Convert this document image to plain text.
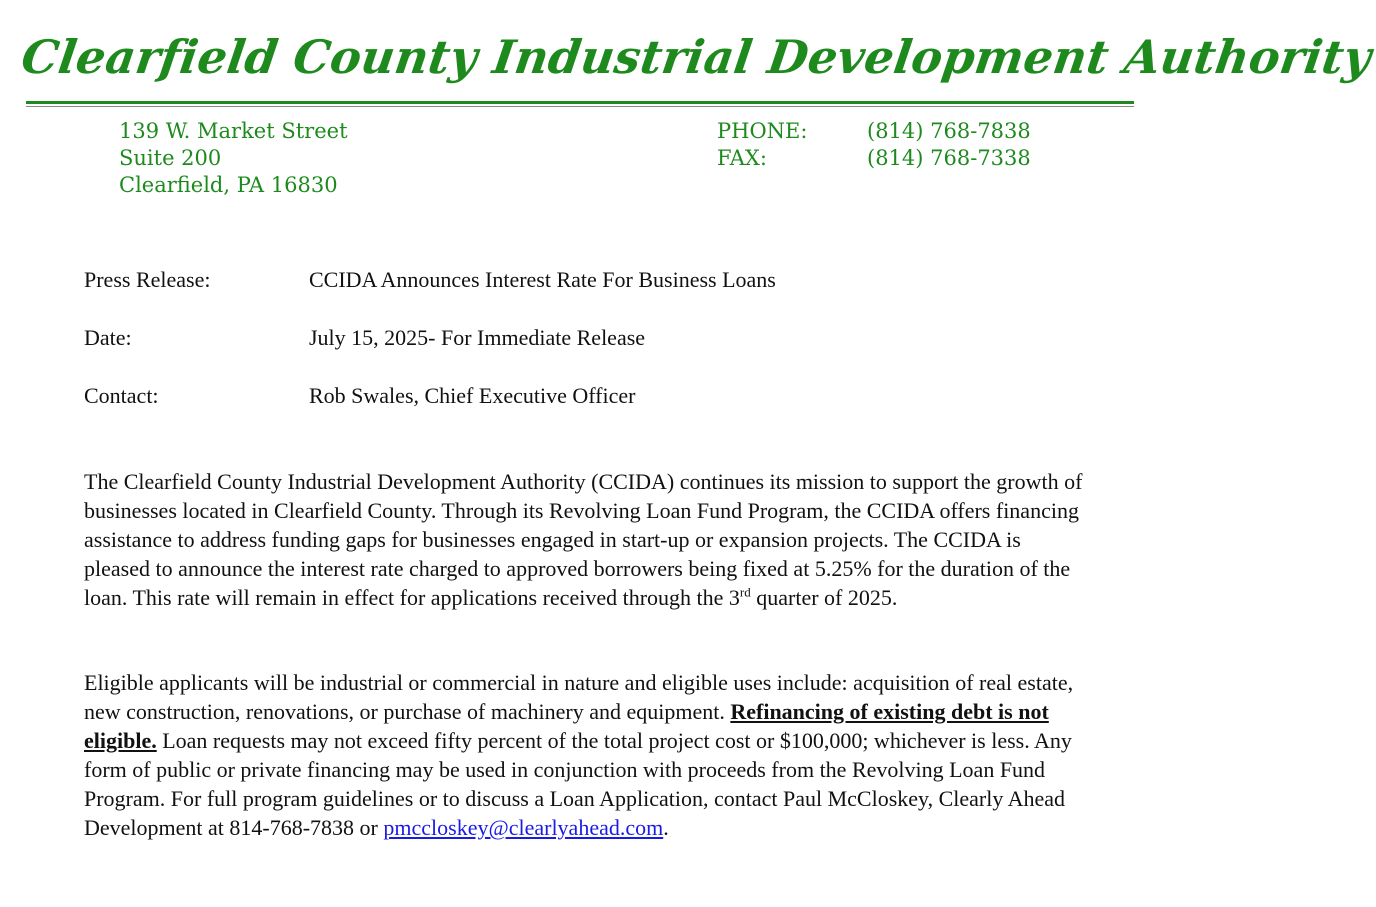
Clearfield County Industrial Development Authority
139 W. Market Street
Suite 200
Clearfield, PA 16830
PHONE:	(814) 768-7838
FAX:	(814) 768-7338
Press Release:	CCIDA Announces Interest Rate For Business Loans
Date:	July 15, 2025- For Immediate Release
Contact:	Rob Swales, Chief Executive Officer
The Clearfield County Industrial Development Authority (CCIDA) continues its mission to support the growth of businesses located in Clearfield County. Through its Revolving Loan Fund Program, the CCIDA offers financing assistance to address funding gaps for businesses engaged in start-up or expansion projects. The CCIDA is pleased to announce the interest rate charged to approved borrowers being fixed at 5.25% for the duration of the loan. This rate will remain in effect for applications received through the 3rd quarter of 2025.
Eligible applicants will be industrial or commercial in nature and eligible uses include: acquisition of real estate, new construction, renovations, or purchase of machinery and equipment. Refinancing of existing debt is not eligible. Loan requests may not exceed fifty percent of the total project cost or $100,000; whichever is less. Any form of public or private financing may be used in conjunction with proceeds from the Revolving Loan Fund Program. For full program guidelines or to discuss a Loan Application, contact Paul McCloskey, Clearly Ahead Development at 814-768-7838 or pmccloskey@clearlyahead.com.
